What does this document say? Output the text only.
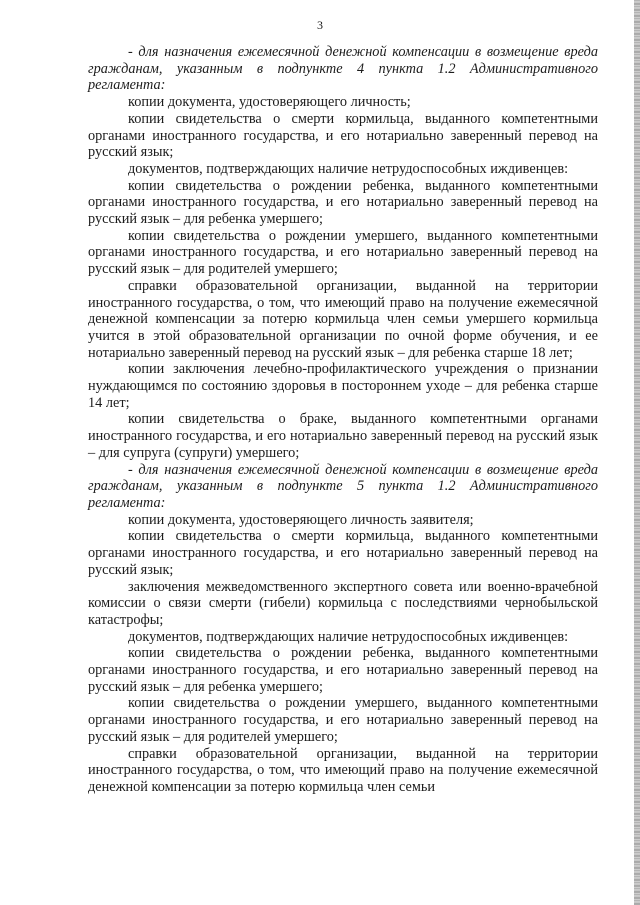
3

- для назначения ежемесячной денежной компенсации в возмещение вреда гражданам, указанным в подпункте 4 пункта 1.2 Административного регламента:

копии документа, удостоверяющего личность;

копии свидетельства о смерти кормильца, выданного компетентными органами иностранного государства, и его нотариально заверенный перевод на русский язык;

документов, подтверждающих наличие нетрудоспособных иждивенцев:

копии свидетельства о рождении ребенка, выданного компетентными органами иностранного государства, и его нотариально заверенный перевод на русский язык – для ребенка умершего;

копии свидетельства о рождении умершего, выданного компетентными органами иностранного государства, и его нотариально заверенный перевод на русский язык – для родителей умершего;

справки образовательной организации, выданной на территории иностранного государства, о том, что имеющий право на получение ежемесячной денежной компенсации за потерю кормильца член семьи умершего кормильца учится в этой образовательной организации по очной форме обучения, и ее нотариально заверенный перевод на русский язык – для ребенка старше 18 лет;

копии заключения лечебно-профилактического учреждения о признании нуждающимся по состоянию здоровья в постороннем уходе – для ребенка старше 14 лет;

копии свидетельства о браке, выданного компетентными органами иностранного государства, и его нотариально заверенный перевод на русский язык – для супруга (супруги) умершего;

- для назначения ежемесячной денежной компенсации в возмещение вреда гражданам, указанным в подпункте 5 пункта 1.2 Административного регламента:

копии документа, удостоверяющего личность заявителя;

копии свидетельства о смерти кормильца, выданного компетентными органами иностранного государства, и его нотариально заверенный перевод на русский язык;

заключения межведомственного экспертного совета или военно-врачебной комиссии о связи смерти (гибели) кормильца с последствиями чернобыльской катастрофы;

документов, подтверждающих наличие нетрудоспособных иждивенцев:

копии свидетельства о рождении ребенка, выданного компетентными органами иностранного государства, и его нотариально заверенный перевод на русский язык – для ребенка умершего;

копии свидетельства о рождении умершего, выданного компетентными органами иностранного государства, и его нотариально заверенный перевод на русский язык – для родителей умершего;

справки образовательной организации, выданной на территории иностранного государства, о том, что имеющий право на получение ежемесячной денежной компенсации за потерю кормильца член семьи
